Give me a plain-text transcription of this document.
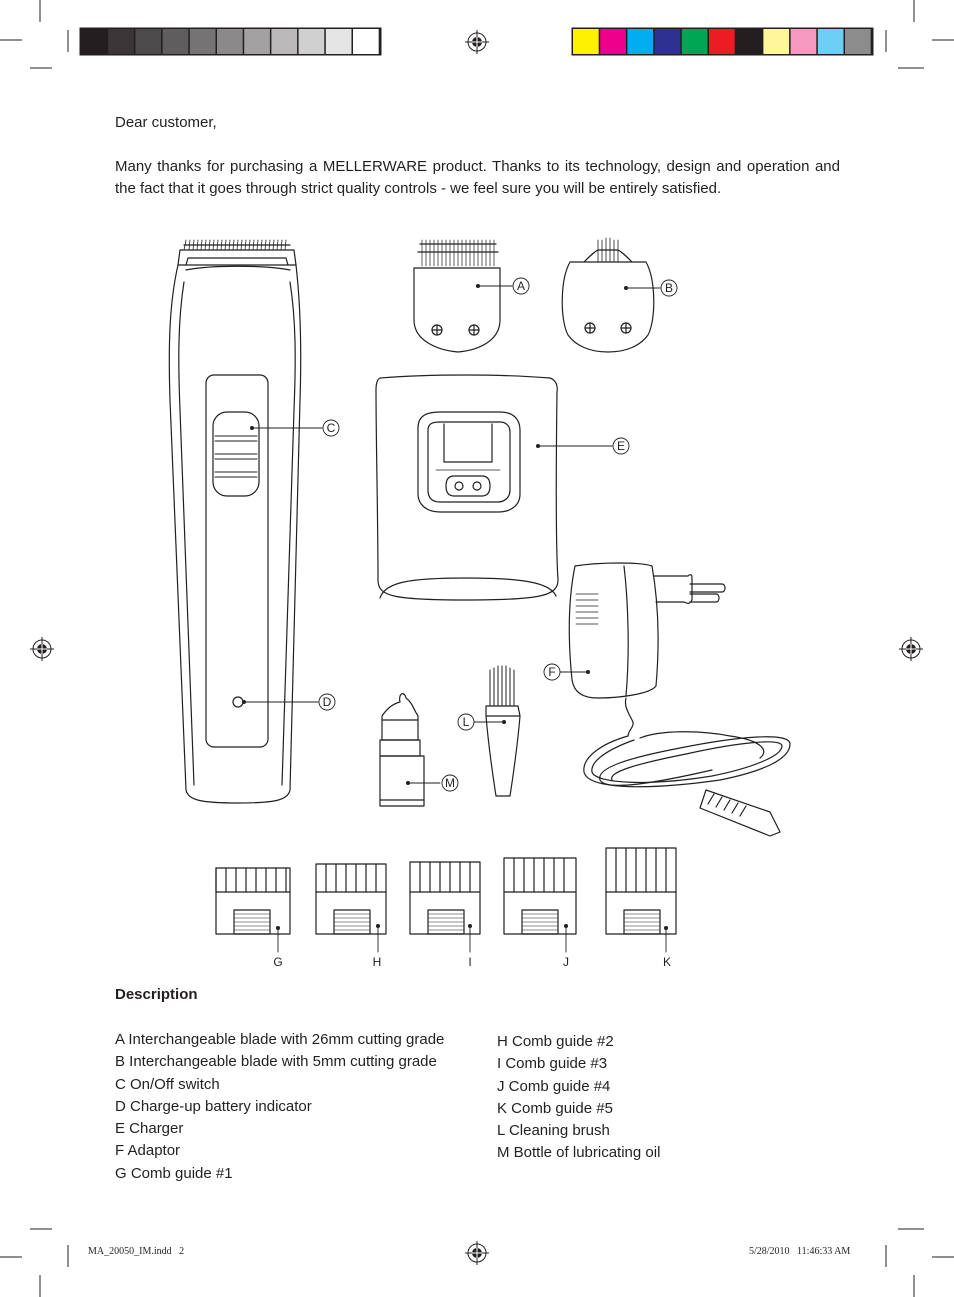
Dear customer,
Many thanks for purchasing a MELLERWARE product. Thanks to its technology, design and operation and the fact that it goes through strict quality controls - we feel sure you will be entirely satisfied.
A	B
C
D
E
F
L
M
G	H	I	J	K
Description
A Interchangeable blade with 26mm cutting grade
B Interchangeable blade with 5mm cutting grade
C On/Off switch
D Charge-up battery indicator
E Charger
F Adaptor
G Comb guide #1
H Comb guide #2
I Comb guide #3
J Comb guide #4
K Comb guide #5
L Cleaning brush
M Bottle of lubricating oil
MA_20050_IM.indd   2	5/28/2010   11:46:33 AM
